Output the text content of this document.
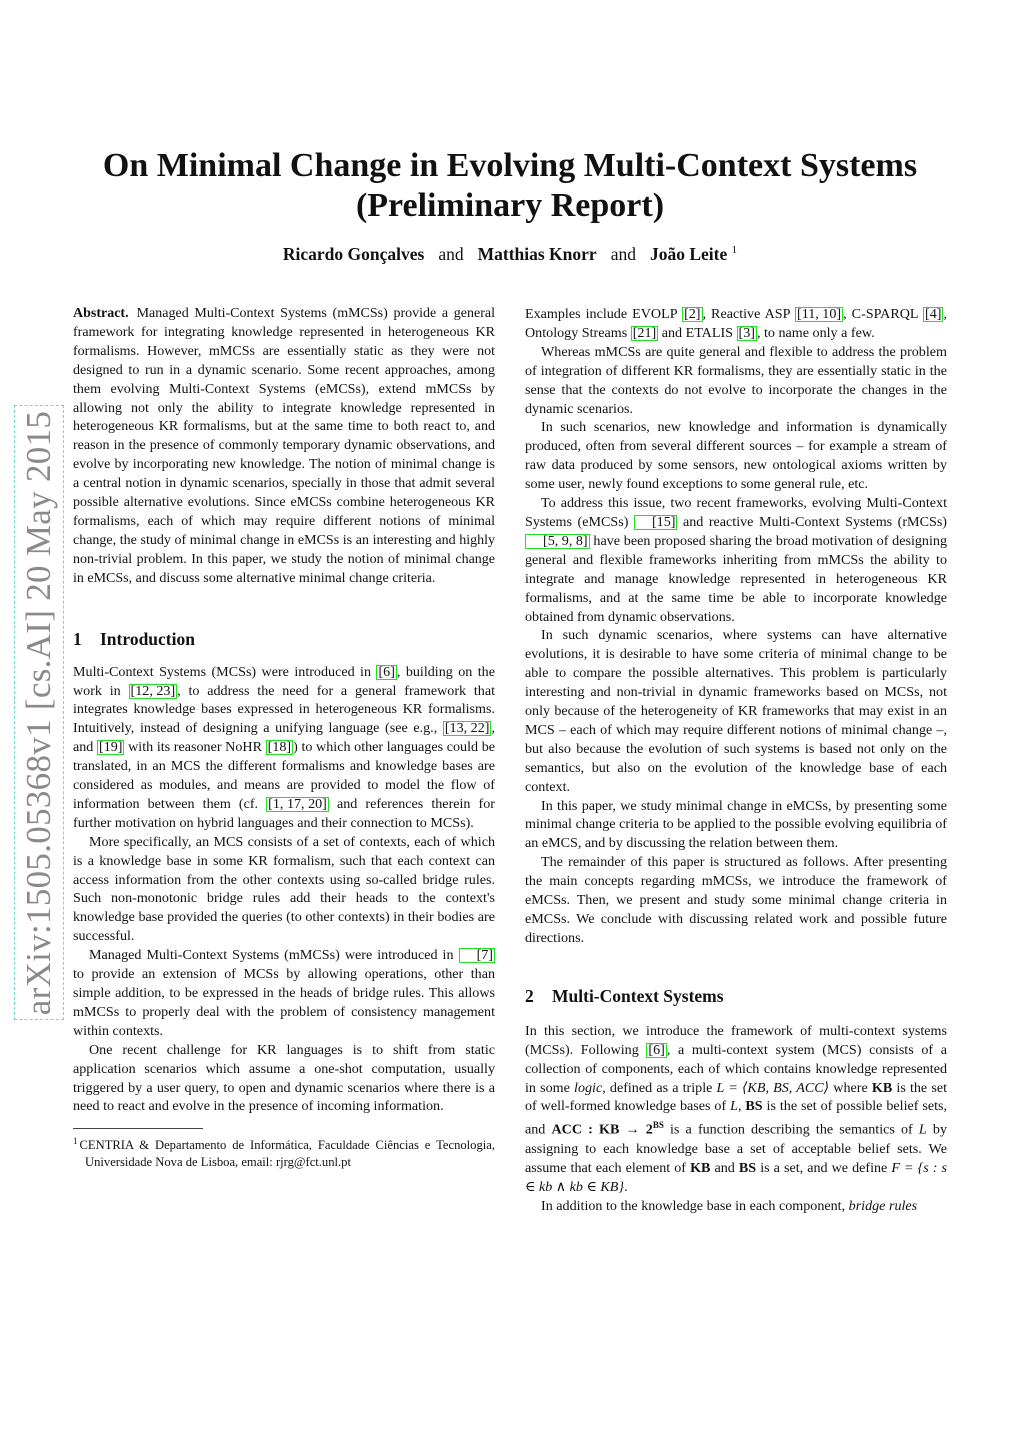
arXiv:1505.05368v1 [cs.AI] 20 May 2015
On Minimal Change in Evolving Multi-Context Systems
(Preliminary Report)
Ricardo Gonçalves and Matthias Knorr and João Leite $^1$

Abstract. Managed Multi-Context Systems (mMCSs) provide a general framework for integrating knowledge represented in heterogeneous KR formalisms. However, mMCSs are essentially static as they were not designed to run in a dynamic scenario. Some recent approaches, among them evolving Multi-Context Systems (eMCSs), extend mMCSs by allowing not only the ability to integrate knowledge represented in heterogeneous KR formalisms, but at the same time to both react to, and reason in the presence of commonly temporary dynamic observations, and evolve by incorporating new knowledge. The notion of minimal change is a central notion in dynamic scenarios, specially in those that admit several possible alternative evolutions. Since eMCSs combine heterogeneous KR formalisms, each of which may require different notions of minimal change, the study of minimal change in eMCSs is an interesting and highly non-trivial problem. In this paper, we study the notion of minimal change in eMCSs, and discuss some alternative minimal change criteria.

1 Introduction

Multi-Context Systems (MCSs) were introduced in [6] , building on the work in [12, 23] , to address the need for a general framework that integrates knowledge bases expressed in heterogeneous KR formalisms. Intuitively, instead of designing a unifying language (see e.g., [13, 22] , and [19] with its reasoner NoHR [18] ) to which other languages could be translated, in an MCS the different formalisms and knowledge bases are considered as modules, and means are provided to model the flow of information between them (cf. [1, 17, 20] and references therein for further motivation on hybrid languages and their connection to MCSs).

More specifically, an MCS consists of a set of contexts, each of which is a knowledge base in some KR formalism, such that each context can access information from the other contexts using so-called bridge rules. Such non-monotonic bridge rules add their heads to the context's knowledge base provided the queries (to other contexts) in their bodies are successful.

Managed Multi-Context Systems (mMCSs) were introduced in [7] to provide an extension of MCSs by allowing operations, other than simple addition, to be expressed in the heads of bridge rules. This allows mMCSs to properly deal with the problem of consistency management within contexts.

One recent challenge for KR languages is to shift from static application scenarios which assume a one-shot computation, usually triggered by a user query, to open and dynamic scenarios where there is a need to react and evolve in the presence of incoming information.

$^1$ CENTRIA & Departamento de Informática, Faculdade Ciências e Tecnologia, Universidade Nova de Lisboa, email: rjrg@fct.unl.pt

Examples include EVOLP [2] , Reactive ASP [11, 10] , C-SPARQL [4] , Ontology Streams [21] and ETALIS [3] , to name only a few.

Whereas mMCSs are quite general and flexible to address the problem of integration of different KR formalisms, they are essentially static in the sense that the contexts do not evolve to incorporate the changes in the dynamic scenarios.

In such scenarios, new knowledge and information is dynamically produced, often from several different sources – for example a stream of raw data produced by some sensors, new ontological axioms written by some user, newly found exceptions to some general rule, etc.

To address this issue, two recent frameworks, evolving Multi-Context Systems (eMCSs) [15] and reactive Multi-Context Systems (rMCSs) [5, 9, 8] have been proposed sharing the broad motivation of designing general and flexible frameworks inheriting from mMCSs the ability to integrate and manage knowledge represented in heterogeneous KR formalisms, and at the same time be able to incorporate knowledge obtained from dynamic observations.

In such dynamic scenarios, where systems can have alternative evolutions, it is desirable to have some criteria of minimal change to be able to compare the possible alternatives. This problem is particularly interesting and non-trivial in dynamic frameworks based on MCSs, not only because of the heterogeneity of KR frameworks that may exist in an MCS – each of which may require different notions of minimal change –, but also because the evolution of such systems is based not only on the semantics, but also on the evolution of the knowledge base of each context.

In this paper, we study minimal change in eMCSs, by presenting some minimal change criteria to be applied to the possible evolving equilibria of an eMCS, and by discussing the relation between them.

The remainder of this paper is structured as follows. After presenting the main concepts regarding mMCSs, we introduce the framework of eMCSs. Then, we present and study some minimal change criteria in eMCSs. We conclude with discussing related work and possible future directions.

2 Multi-Context Systems

In this section, we introduce the framework of multi-context systems (MCSs). Following [6] , a multi-context system (MCS) consists of a collection of components, each of which contains knowledge represented in some logic, defined as a triple L = ⟨KB, BS, ACC⟩ where KB is the set of well-formed knowledge bases of L, BS is the set of possible belief sets, and ACC : KB → $2^{BS}$ is a function describing the semantics of L by assigning to each knowledge base a set of acceptable belief sets. We assume that each element of KB and BS is a set, and we define F = {s : s ∈ kb ∧ kb ∈ KB}.

In addition to the knowledge base in each component, bridge rules
